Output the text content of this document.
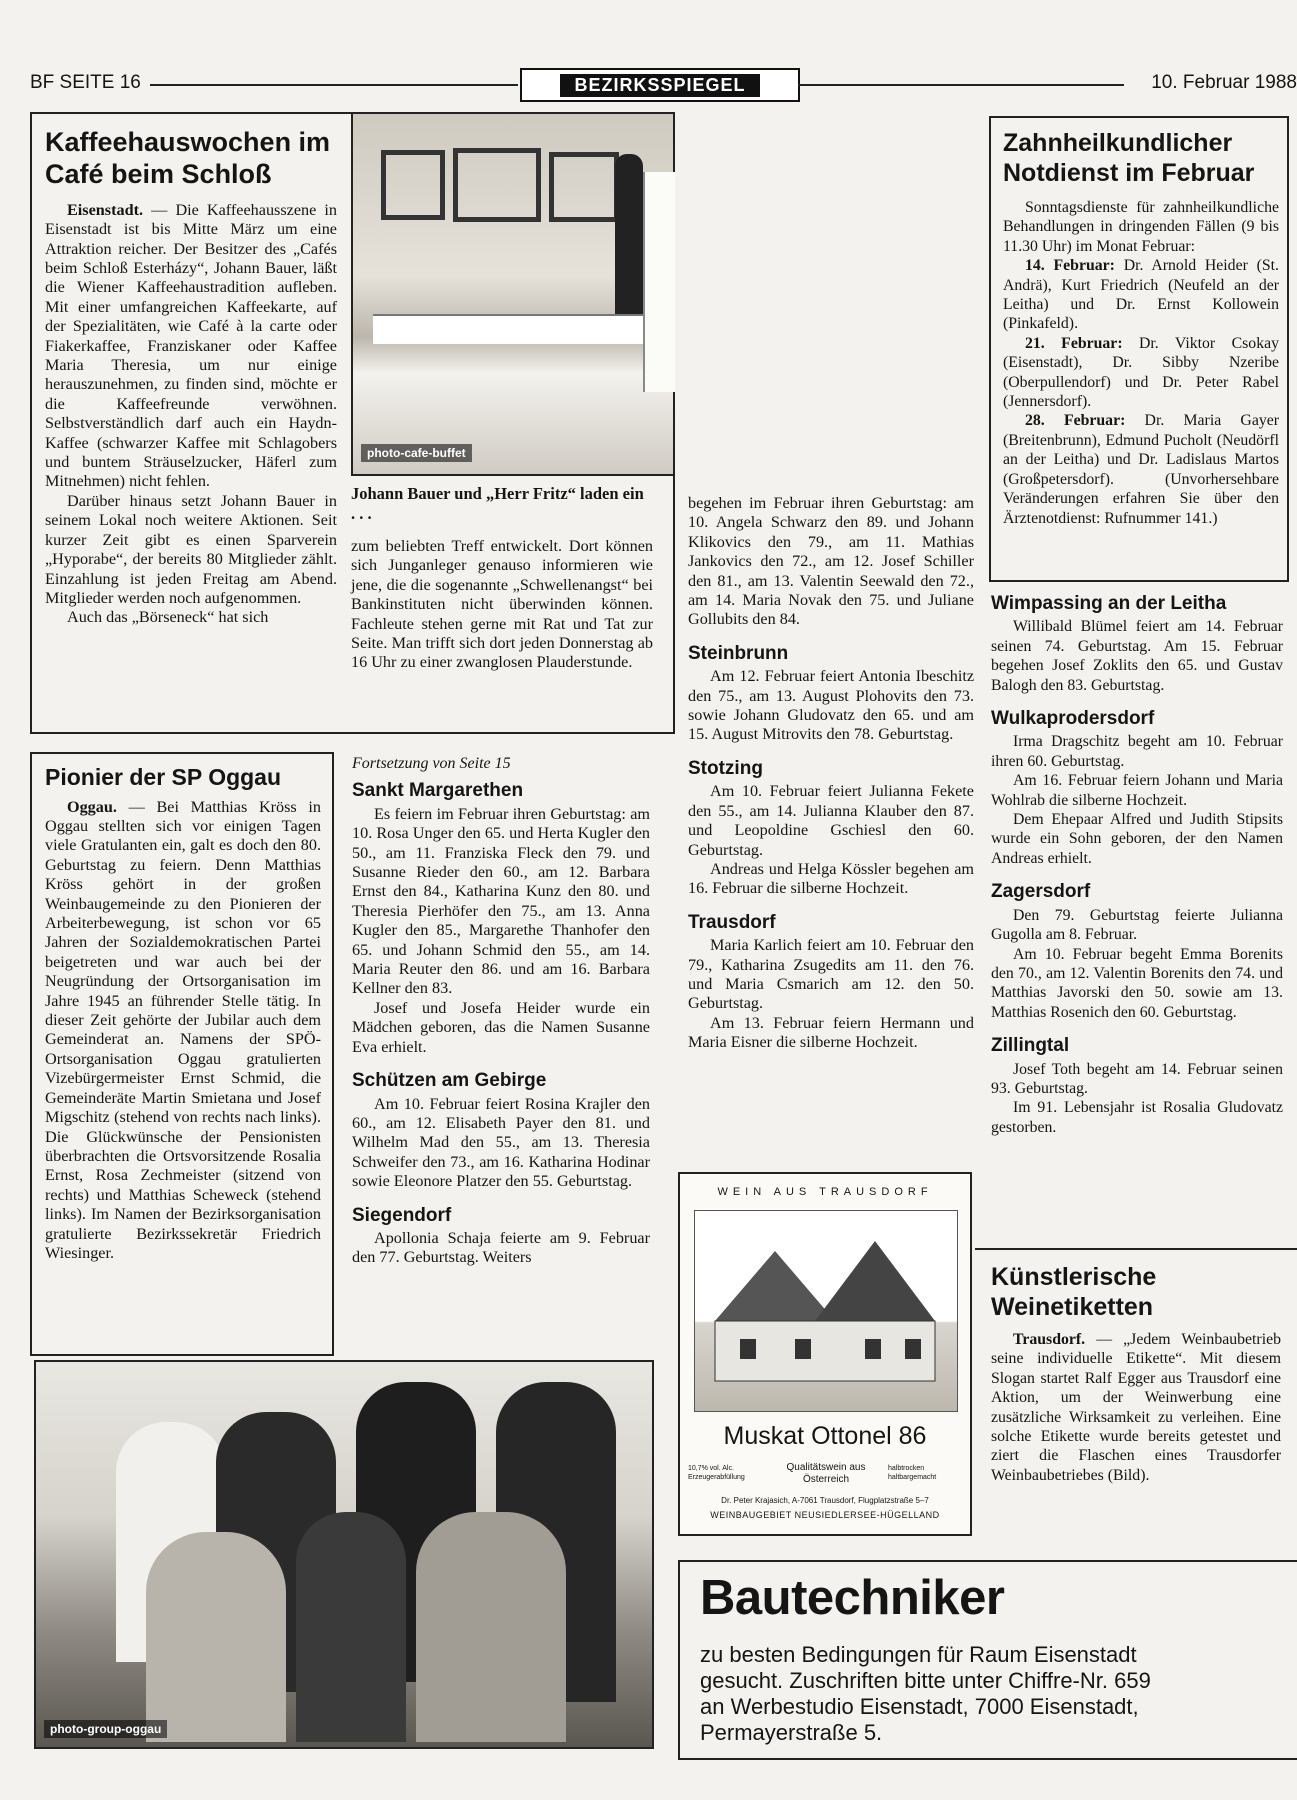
BF SEITE 16	BEZIRKSSPIEGEL	10. Februar 1988
Kaffeehauswochen im Café beim Schloß

Eisenstadt. — Die Kaffeehausszene in Eisenstadt ist bis Mitte März um eine Attraktion reicher. Der Besitzer des „Cafés beim Schloß Esterházy“, Johann Bauer, läßt die Wiener Kaffeehaustradition aufleben. Mit einer umfangreichen Kaffeekarte, auf der Spezialitäten, wie Café à la carte oder Fiakerkaffee, Franziskaner oder Kaffee Maria Theresia, um nur einige herauszunehmen, zu finden sind, möchte er die Kaffeefreunde verwöhnen. Selbstverständlich darf auch ein Haydn-Kaffee (schwarzer Kaffee mit Schlagobers und buntem Sträuselzucker, Häferl zum Mitnehmen) nicht fehlen.

Darüber hinaus setzt Johann Bauer in seinem Lokal noch weitere Aktionen. Seit kurzer Zeit gibt es einen Sparverein „Hyporabe“, der bereits 80 Mitglieder zählt. Einzahlung ist jeden Freitag am Abend. Mitglieder werden noch aufgenommen.

Auch das „Börseneck“ hat sich

photo-cafe-buffet
Johann Bauer und „Herr Fritz“ laden ein . . .

zum beliebten Treff entwickelt. Dort können sich Junganleger genauso informieren wie jene, die die sogenannte „Schwellenangst“ bei Bankinstituten nicht überwinden können. Fachleute stehen gerne mit Rat und Tat zur Seite. Man trifft sich dort jeden Donnerstag ab 16 Uhr zu einer zwanglosen Plauderstunde.

begehen im Februar ihren Geburtstag: am 10. Angela Schwarz den 89. und Johann Klikovics den 79., am 11. Mathias Jankovics den 72., am 12. Josef Schiller den 81., am 13. Valentin Seewald den 72., am 14. Maria Novak den 75. und Juliane Gollubits den 84.

Steinbrunn

Am 12. Februar feiert Antonia Ibeschitz den 75., am 13. August Plohovits den 73. sowie Johann Gludovatz den 65. und am 15. August Mitrovits den 78. Geburtstag.

Stotzing

Am 10. Februar feiert Julianna Fekete den 55., am 14. Julianna Klauber den 87. und Leopoldine Gschiesl den 60. Geburtstag.

Andreas und Helga Kössler begehen am 16. Februar die silberne Hochzeit.

Trausdorf

Maria Karlich feiert am 10. Februar den 79., Katharina Zsugedits am 11. den 76. und Maria Csmarich am 12. den 50. Geburtstag.

Am 13. Februar feiern Hermann und Maria Eisner die silberne Hochzeit.

Zahnheilkundlicher Notdienst im Februar

Sonntagsdienste für zahnheilkundliche Behandlungen in dringenden Fällen (9 bis 11.30 Uhr) im Monat Februar:

14. Februar: Dr. Arnold Heider (St. Andrä), Kurt Friedrich (Neufeld an der Leitha) und Dr. Ernst Kollowein (Pinkafeld).

21. Februar: Dr. Viktor Csokay (Eisenstadt), Dr. Sibby Nzeribe (Oberpullendorf) und Dr. Peter Rabel (Jennersdorf).

28. Februar: Dr. Maria Gayer (Breitenbrunn), Edmund Pucholt (Neudörfl an der Leitha) und Dr. Ladislaus Martos (Großpetersdorf). (Unvorhersehbare Veränderungen erfahren Sie über den Ärztenotdienst: Rufnummer 141.)

Wimpassing an der Leitha

Willibald Blümel feiert am 14. Februar seinen 74. Geburtstag. Am 15. Februar begehen Josef Zoklits den 65. und Gustav Balogh den 83. Geburtstag.

Wulkaprodersdorf

Irma Dragschitz begeht am 10. Februar ihren 60. Geburtstag.

Am 16. Februar feiern Johann und Maria Wohlrab die silberne Hochzeit.

Dem Ehepaar Alfred und Judith Stipsits wurde ein Sohn geboren, der den Namen Andreas erhielt.

Zagersdorf

Den 79. Geburtstag feierte Julianna Gugolla am 8. Februar.

Am 10. Februar begeht Emma Borenits den 70., am 12. Valentin Borenits den 74. und Matthias Javorski den 50. sowie am 13. Matthias Rosenich den 60. Geburtstag.

Zillingtal

Josef Toth begeht am 14. Februar seinen 93. Geburtstag.

Im 91. Lebensjahr ist Rosalia Gludovatz gestorben.

Pionier der SP Oggau

Oggau. — Bei Matthias Kröss in Oggau stellten sich vor einigen Tagen viele Gratulanten ein, galt es doch den 80. Geburtstag zu feiern. Denn Matthias Kröss gehört in der großen Weinbaugemeinde zu den Pionieren der Arbeiterbewegung, ist schon vor 65 Jahren der Sozialdemokratischen Partei beigetreten und war auch bei der Neugründung der Ortsorganisation im Jahre 1945 an führender Stelle tätig. In dieser Zeit gehörte der Jubilar auch dem Gemeinderat an. Namens der SPÖ-Ortsorganisation Oggau gratulierten Vizebürgermeister Ernst Schmid, die Gemeinderäte Martin Smietana und Josef Migschitz (stehend von rechts nach links). Die Glückwünsche der Pensionisten überbrachten die Ortsvorsitzende Rosalia Ernst, Rosa Zechmeister (sitzend von rechts) und Matthias Scheweck (stehend links). Im Namen der Bezirksorganisation gratulierte Bezirkssekretär Friedrich Wiesinger.

Fortsetzung von Seite 15
Sankt Margarethen

Es feiern im Februar ihren Geburtstag: am 10. Rosa Unger den 65. und Herta Kugler den 50., am 11. Franziska Fleck den 79. und Susanne Rieder den 60., am 12. Barbara Ernst den 84., Katharina Kunz den 80. und Theresia Pierhöfer den 75., am 13. Anna Kugler den 85., Margarethe Thanhofer den 65. und Johann Schmid den 55., am 14. Maria Reuter den 86. und am 16. Barbara Kellner den 83.

Josef und Josefa Heider wurde ein Mädchen geboren, das die Namen Susanne Eva erhielt.

Schützen am Gebirge

Am 10. Februar feiert Rosina Krajler den 60., am 12. Elisabeth Payer den 81. und Wilhelm Mad den 55., am 13. Theresia Schweifer den 73., am 16. Katharina Hodinar sowie Eleonore Platzer den 55. Geburtstag.

Siegendorf

Apollonia Schaja feierte am 9. Februar den 77. Geburtstag. Weiters

photo-group-oggau
WEIN AUS TRAUSDORF
Muskat Ottonel 86
10,7% vol. Alc. Erzeugerabfüllung
Qualitätswein aus Österreich
halbtrocken haltbargemacht
Dr. Peter Krajasich, A-7061 Trausdorf, Flugplatzstraße 5–7
WEINBAUGEBIET NEUSIEDLERSEE-HÜGELLAND
Künstlerische Weinetiketten

Trausdorf. — „Jedem Weinbaubetrieb seine individuelle Etikette“. Mit diesem Slogan startet Ralf Egger aus Trausdorf eine Aktion, um der Weinwerbung eine zusätzliche Wirksamkeit zu verleihen. Eine solche Etikette wurde bereits getestet und ziert die Flaschen eines Trausdorfer Weinbaubetriebes (Bild).

Bautechniker
zu besten Bedingungen für Raum Eisenstadt
gesucht. Zuschriften bitte unter Chiffre-Nr. 659
an Werbestudio Eisenstadt, 7000 Eisenstadt,
Permayerstraße 5.
